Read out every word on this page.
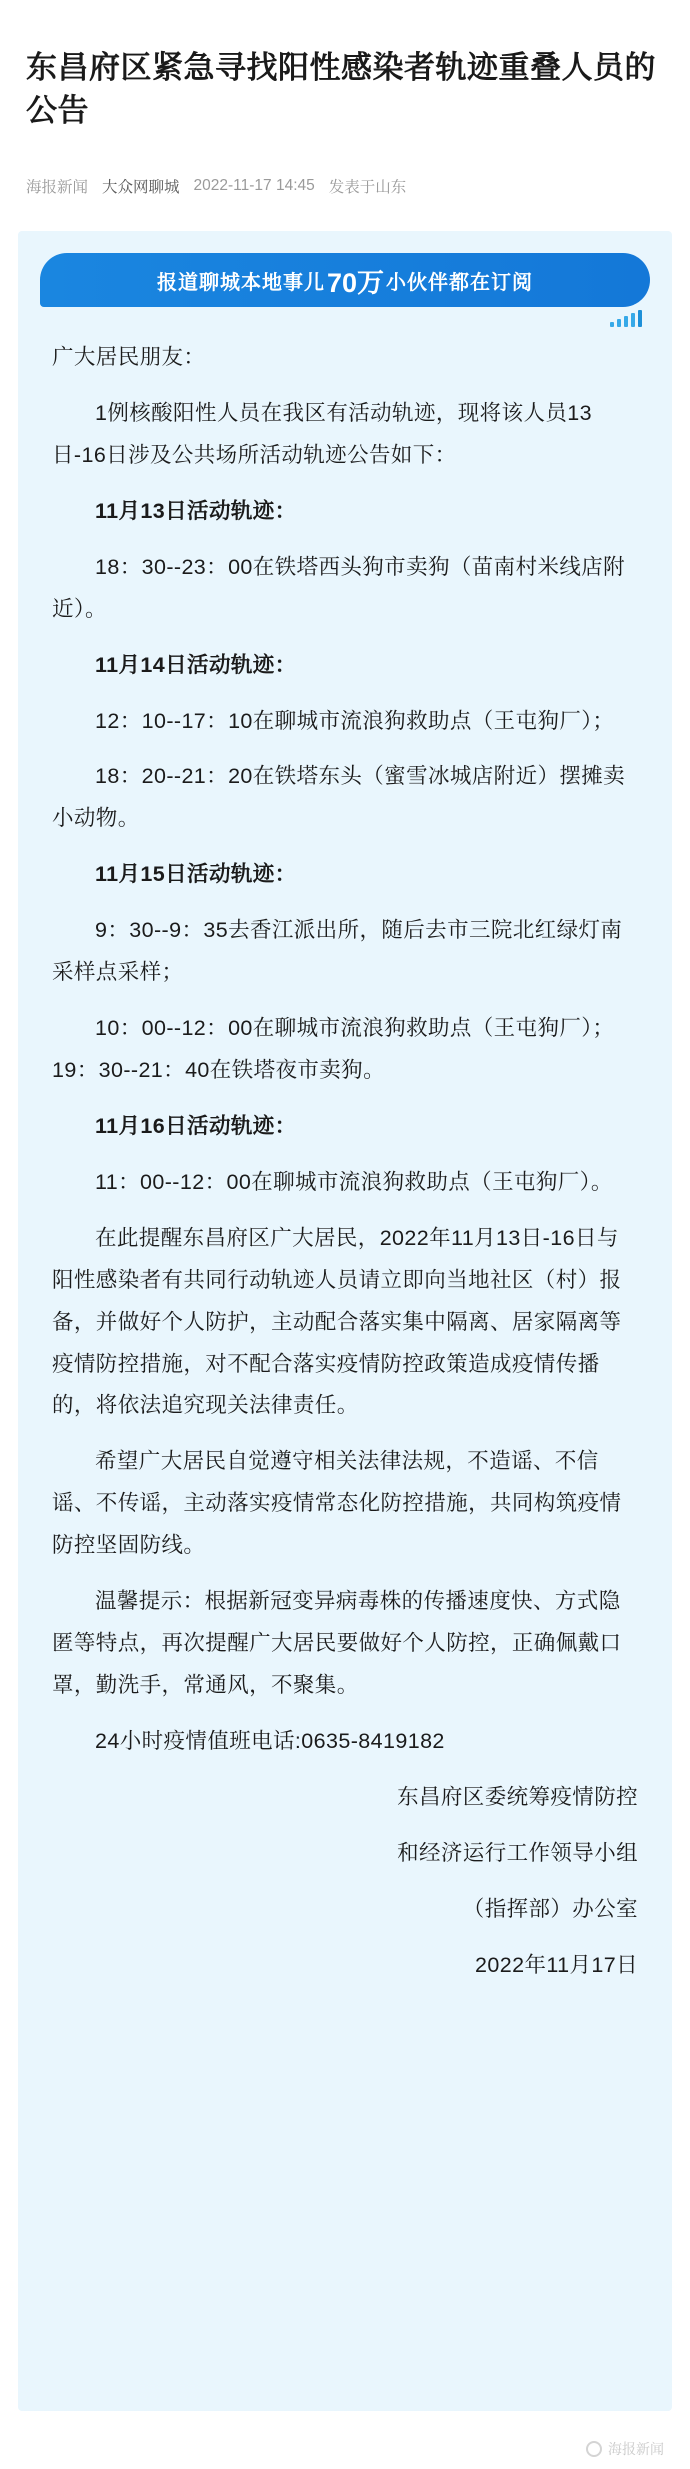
东昌府区紧急寻找阳性感染者轨迹重叠人员的公告
海报新闻 大众网聊城 2022-11-17 14:45 发表于山东
报道聊城本地事儿 70万 小伙伴都在订阅

广大居民朋友：

1例核酸阳性人员在我区有活动轨迹，现将该人员13日-16日涉及公共场所活动轨迹公告如下：

11月13日活动轨迹：

18：30--23：00在铁塔西头狗市卖狗（苗南村米线店附近）。

11月14日活动轨迹：

12：10--17：10在聊城市流浪狗救助点（王屯狗厂）；

18：20--21：20在铁塔东头（蜜雪冰城店附近）摆摊卖小动物。

11月15日活动轨迹：

9：30--9：35去香江派出所，随后去市三院北红绿灯南采样点采样；

10：00--12：00在聊城市流浪狗救助点（王屯狗厂）；19：30--21：40在铁塔夜市卖狗。

11月16日活动轨迹：

11：00--12：00在聊城市流浪狗救助点（王屯狗厂）。

在此提醒东昌府区广大居民，2022年11月13日-16日与阳性感染者有共同行动轨迹人员请立即向当地社区（村）报备，并做好个人防护，主动配合落实集中隔离、居家隔离等疫情防控措施，对不配合落实疫情防控政策造成疫情传播的，将依法追究现关法律责任。

希望广大居民自觉遵守相关法律法规，不造谣、不信谣、不传谣，主动落实疫情常态化防控措施，共同构筑疫情防控坚固防线。

温馨提示：根据新冠变异病毒株的传播速度快、方式隐匿等特点，再次提醒广大居民要做好个人防控，正确佩戴口罩，勤洗手，常通风，不聚集。

24小时疫情值班电话:0635-8419182

东昌府区委统筹疫情防控

和经济运行工作领导小组

（指挥部）办公室

2022年11月17日

海报新闻
